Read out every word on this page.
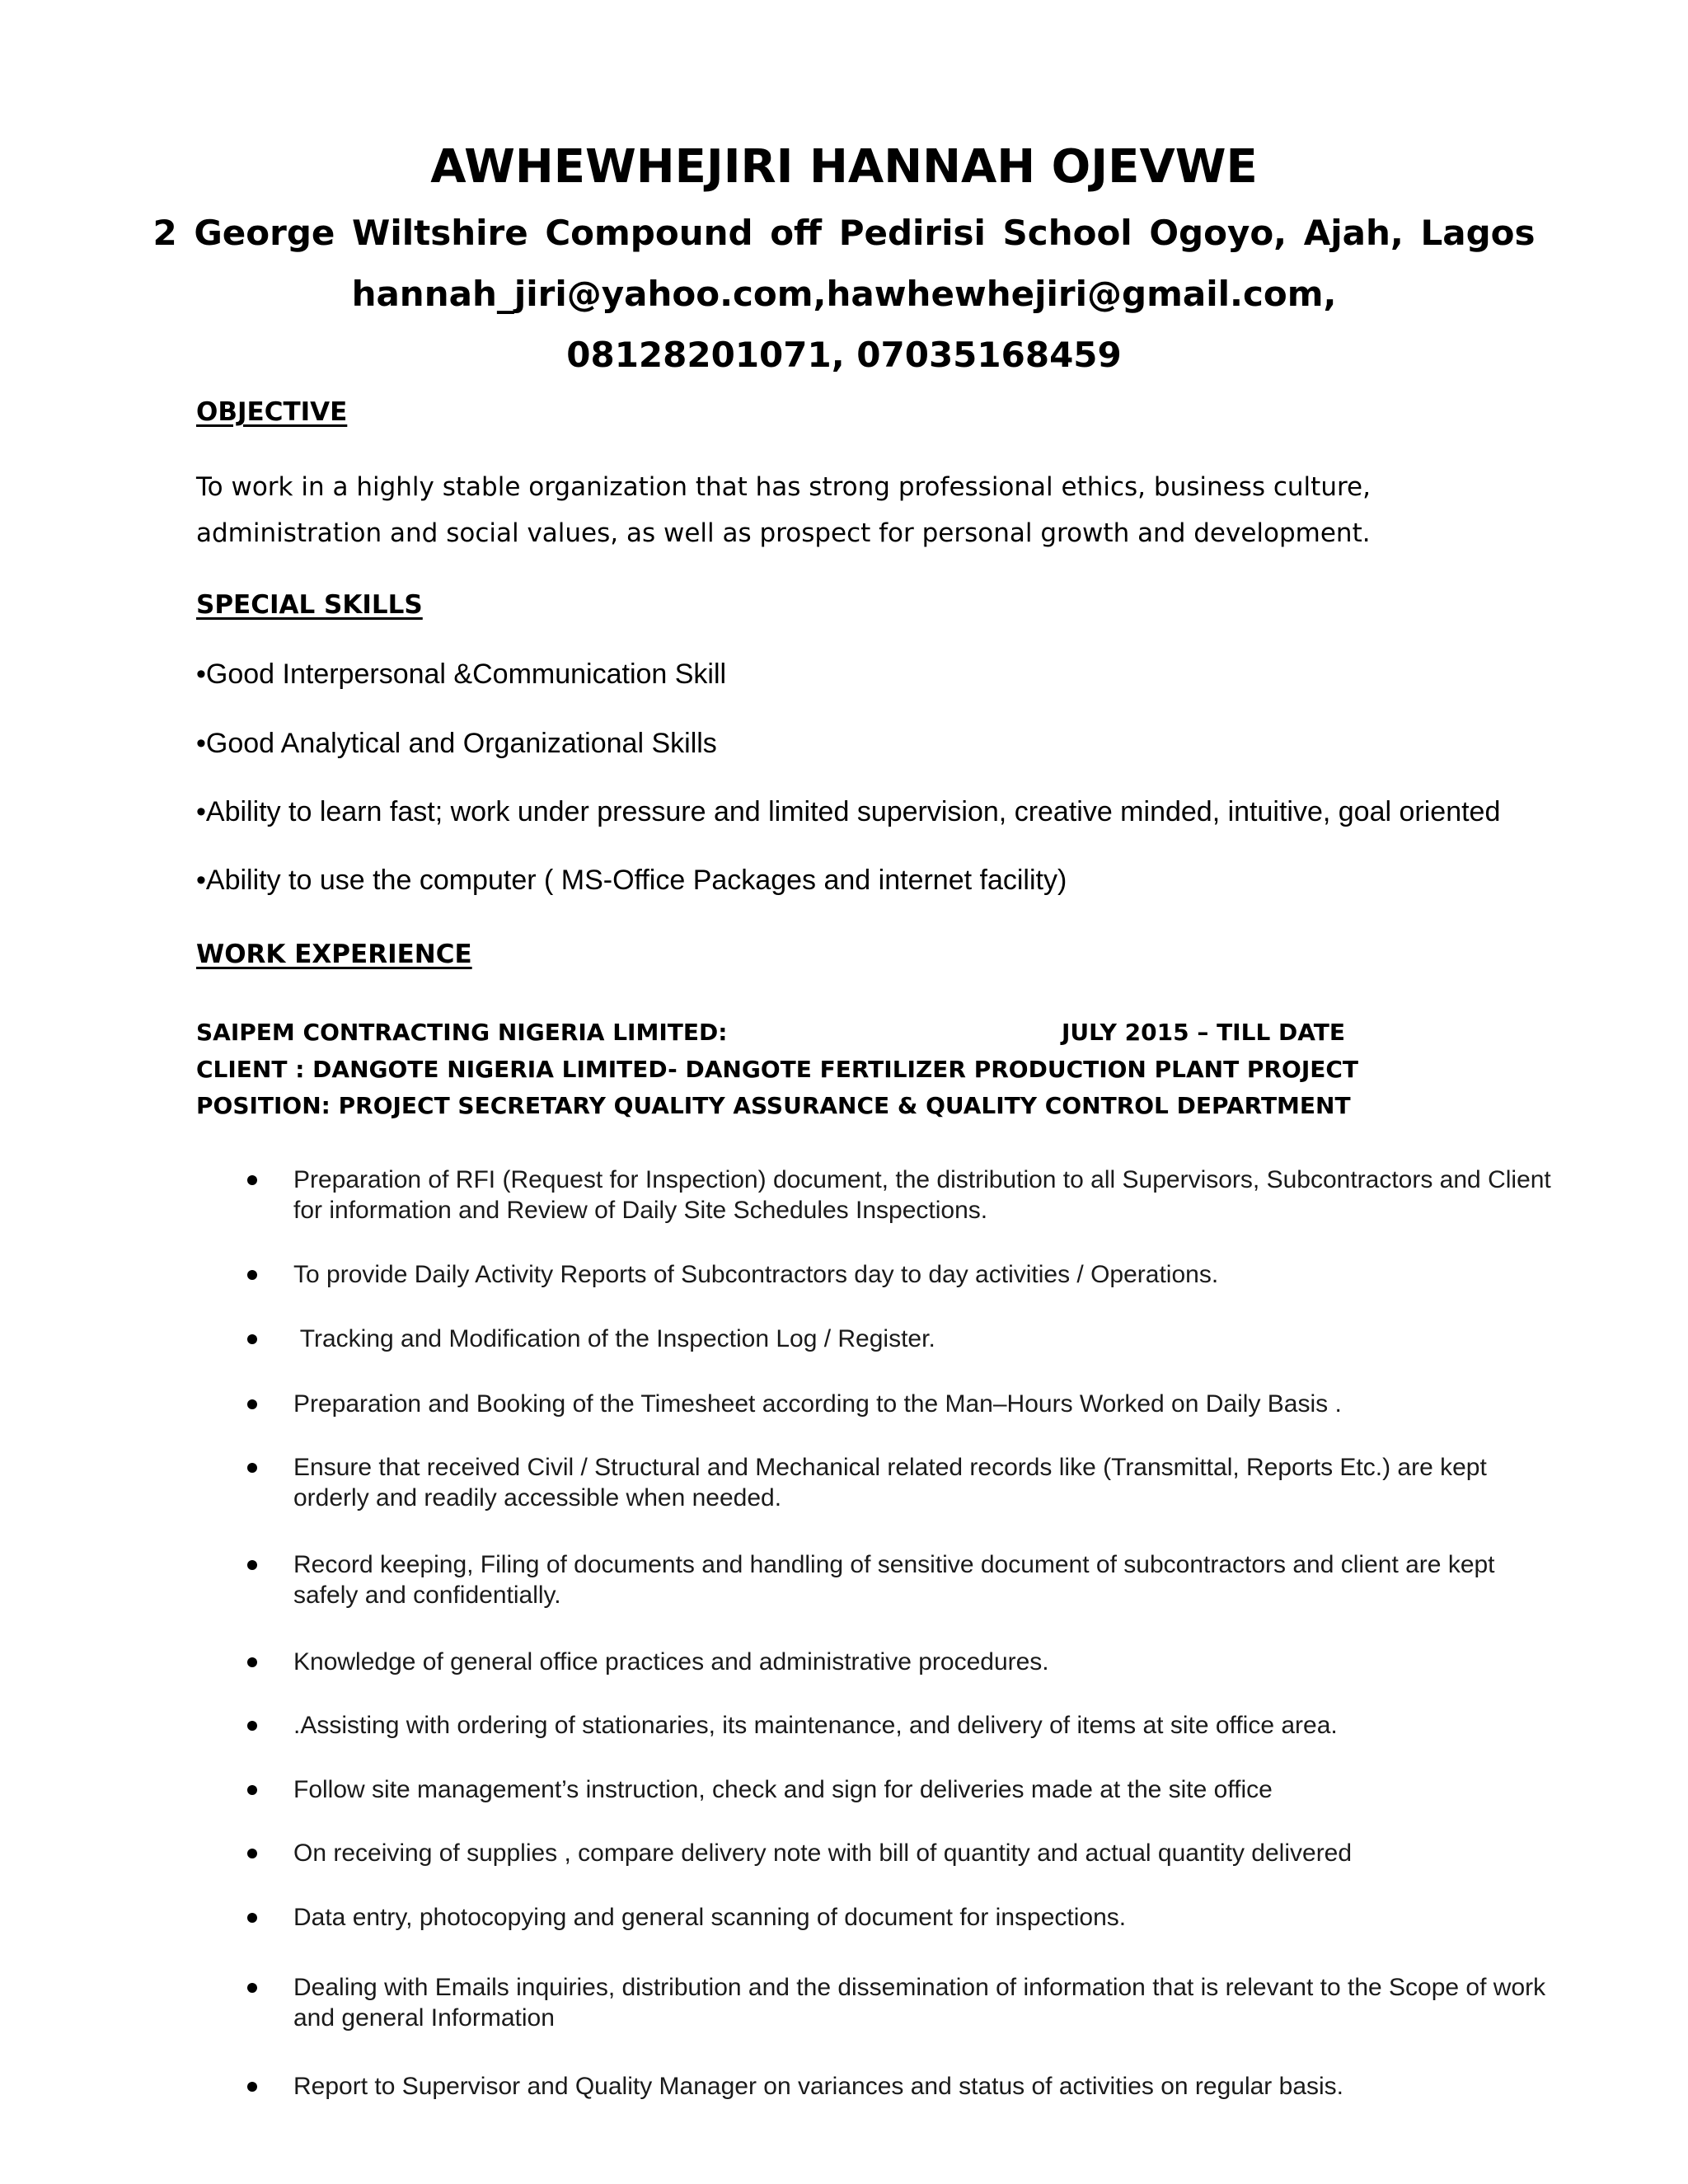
AWHEWHEJIRI HANNAH OJEVWE
2 George Wiltshire Compound off Pedirisi School Ogoyo, Ajah, Lagos
hannah_jiri@yahoo.com,hawhewhejiri@gmail.com,
08128201071, 07035168459
OBJECTIVE
To work in a highly stable organization that has strong professional ethics, business culture,
administration and social values, as well as prospect for personal growth and development.
SPECIAL SKILLS
•Good Interpersonal &Communication Skill
•Good Analytical and Organizational Skills
•Ability to learn fast; work under pressure and limited supervision, creative minded, intuitive, goal oriented
•Ability to use the computer ( MS-Office Packages and internet facility)
WORK EXPERIENCE
SAIPEM CONTRACTING NIGERIA LIMITED:	JULY 2015 – TILL DATE
CLIENT : DANGOTE NIGERIA LIMITED- DANGOTE FERTILIZER PRODUCTION PLANT PROJECT
POSITION: PROJECT SECRETARY QUALITY ASSURANCE & QUALITY CONTROL DEPARTMENT
Preparation of RFI (Request for Inspection) document, the distribution to all Supervisors, Subcontractors and Client for information and Review of Daily Site Schedules Inspections.
To provide Daily Activity Reports of Subcontractors day to day activities / Operations.
Tracking and Modification of the Inspection Log / Register.
Preparation and Booking of the Timesheet according to the Man–Hours Worked on Daily Basis .
Ensure that received Civil / Structural and Mechanical related records like (Transmittal, Reports Etc.) are kept orderly and readily accessible when needed.
Record keeping, Filing of documents and handling of sensitive document of subcontractors and client are kept safely and confidentially.
Knowledge of general office practices and administrative procedures.
.Assisting with ordering of stationaries, its maintenance, and delivery of items at site office area.
Follow site management’s instruction, check and sign for deliveries made at the site office
On receiving of supplies , compare delivery note with bill of quantity and actual quantity delivered
Data entry, photocopying and general scanning of document for inspections.
Dealing with Emails inquiries, distribution and the dissemination of information that is relevant to the Scope of work and general Information
Report to Supervisor and Quality Manager on variances and status of activities on regular basis.
